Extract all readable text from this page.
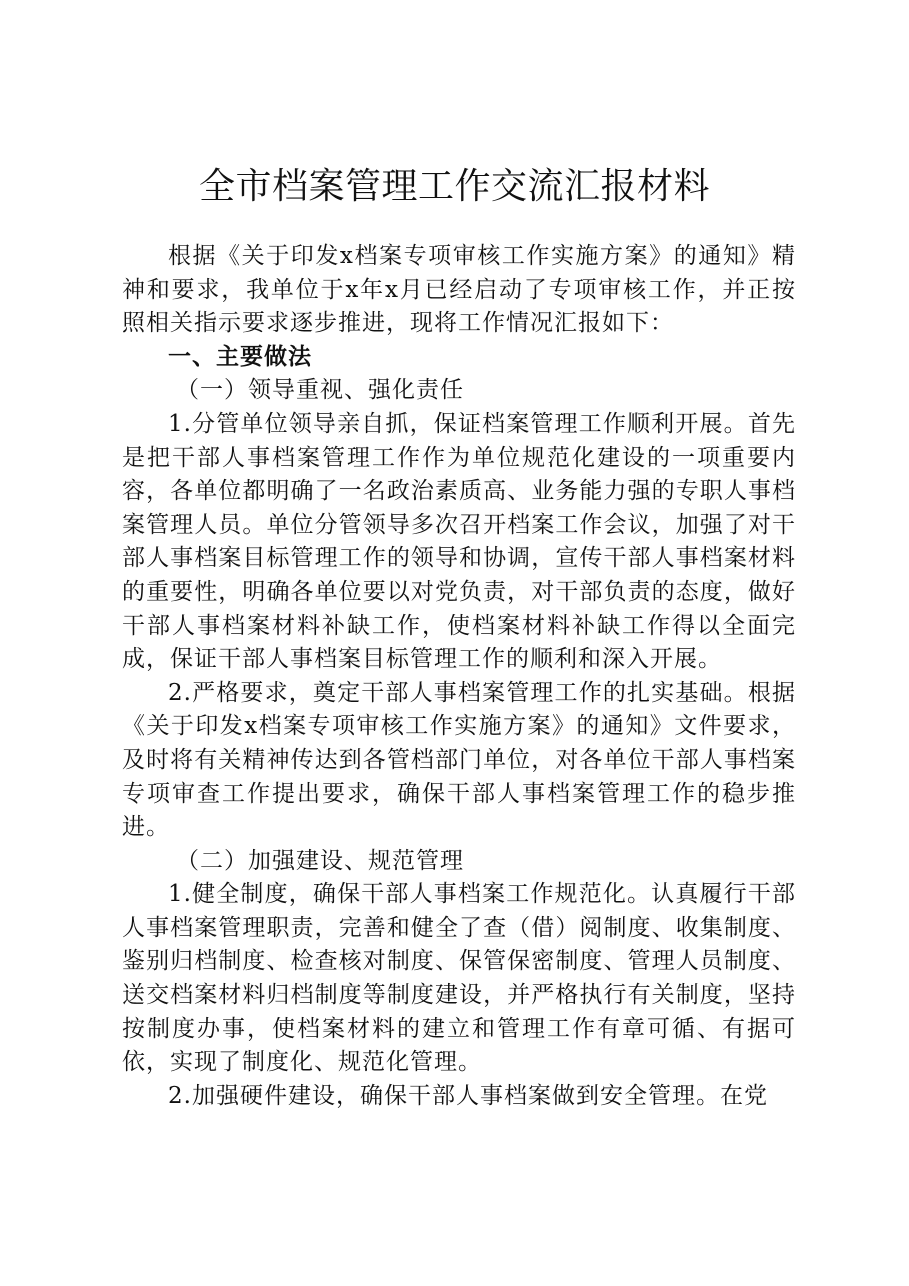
全市档案管理工作交流汇报材料

根据《关于印发x档案专项审核工作实施方案》的通知》精神和要求，我单位于x年x月已经启动了专项审核工作，并正按照相关指示要求逐步推进，现将工作情况汇报如下：

一、主要做法

（一）领导重视、强化责任

1.分管单位领导亲自抓，保证档案管理工作顺利开展。首先是把干部人事档案管理工作作为单位规范化建设的一项重要内容，各单位都明确了一名政治素质高、业务能力强的专职人事档案管理人员。单位分管领导多次召开档案工作会议，加强了对干部人事档案目标管理工作的领导和协调，宣传干部人事档案材料的重要性，明确各单位要以对党负责，对干部负责的态度，做好干部人事档案材料补缺工作，使档案材料补缺工作得以全面完成，保证干部人事档案目标管理工作的顺利和深入开展。

2.严格要求，奠定干部人事档案管理工作的扎实基础。根据《关于印发x档案专项审核工作实施方案》的通知》文件要求，及时将有关精神传达到各管档部门单位，对各单位干部人事档案专项审查工作提出要求，确保干部人事档案管理工作的稳步推进。

（二）加强建设、规范管理

1.健全制度，确保干部人事档案工作规范化。认真履行干部人事档案管理职责，完善和健全了查（借）阅制度、收集制度、鉴别归档制度、检查核对制度、保管保密制度、管理人员制度、送交档案材料归档制度等制度建设，并严格执行有关制度，坚持按制度办事，使档案材料的建立和管理工作有章可循、有据可依，实现了制度化、规范化管理。

2.加强硬件建设，确保干部人事档案做到安全管理。在党
